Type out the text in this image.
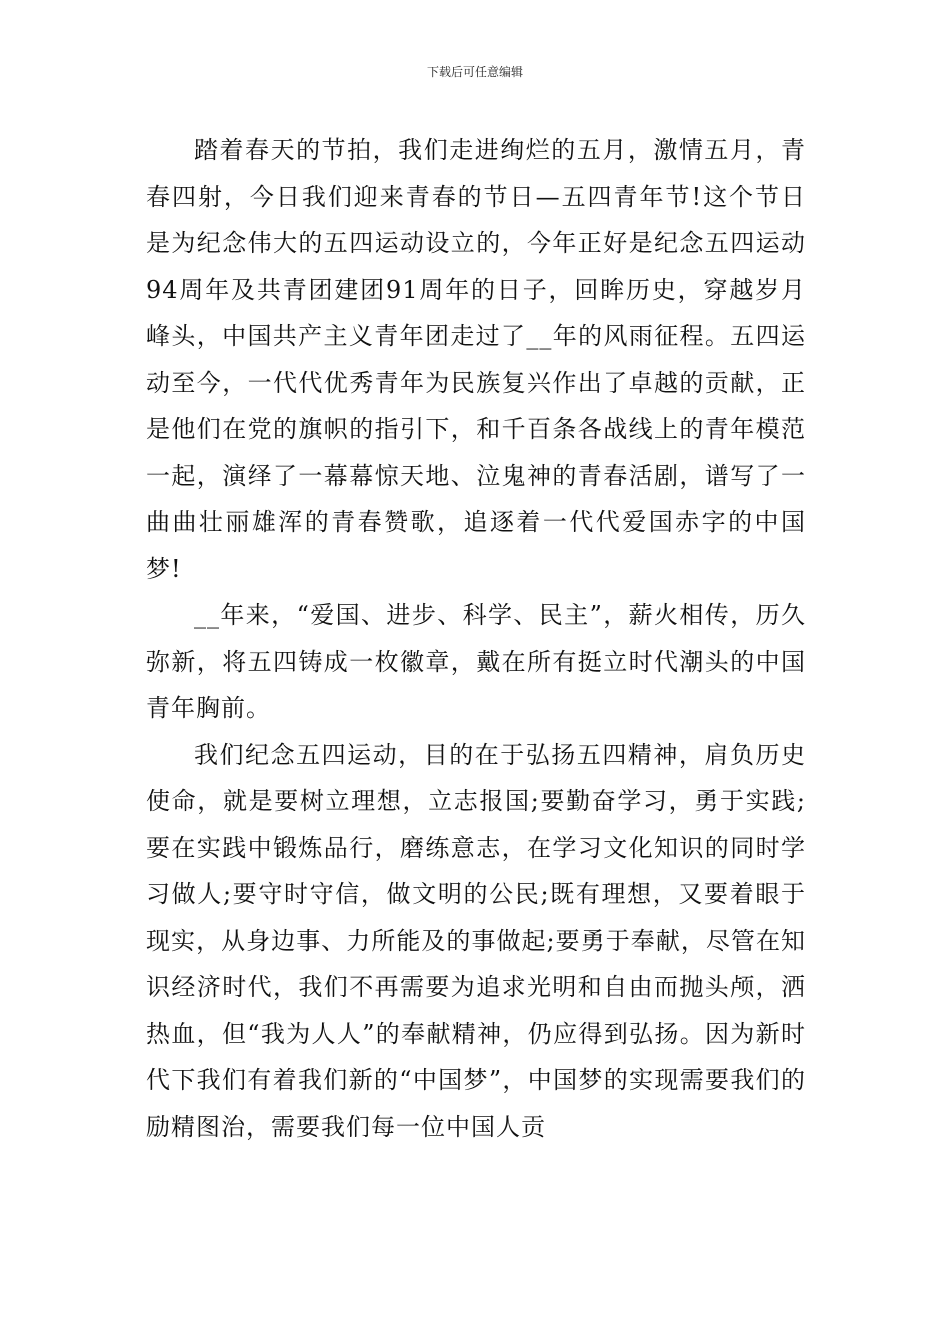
下载后可任意编辑

踏着春天的节拍，我们走进绚烂的五月，激情五月，青春四射，今日我们迎来青春的节日—五四青年节!这个节日是为纪念伟大的五四运动设立的，今年正好是纪念五四运动94周年及共青团建团91周年的日子，回眸历史，穿越岁月峰头，中国共产主义青年团走过了__年的风雨征程。五四运动至今，一代代优秀青年为民族复兴作出了卓越的贡献，正是他们在党的旗帜的指引下，和千百条各战线上的青年模范一起，演绎了一幕幕惊天地、泣鬼神的青春活剧，谱写了一曲曲壮丽雄浑的青春赞歌，追逐着一代代爱国赤字的中国梦!

__年来，“爱国、进步、科学、民主”，薪火相传，历久弥新，将五四铸成一枚徽章，戴在所有挺立时代潮头的中国青年胸前。

我们纪念五四运动，目的在于弘扬五四精神，肩负历史使命，就是要树立理想，立志报国;要勤奋学习，勇于实践;要在实践中锻炼品行，磨练意志，在学习文化知识的同时学习做人;要守时守信，做文明的公民;既有理想，又要着眼于现实，从身边事、力所能及的事做起;要勇于奉献，尽管在知识经济时代，我们不再需要为追求光明和自由而抛头颅，洒热血，但“我为人人”的奉献精神，仍应得到弘扬。因为新时代下我们有着我们新的“中国梦”，中国梦的实现需要我们的励精图治，需要我们每一位中国人贡
